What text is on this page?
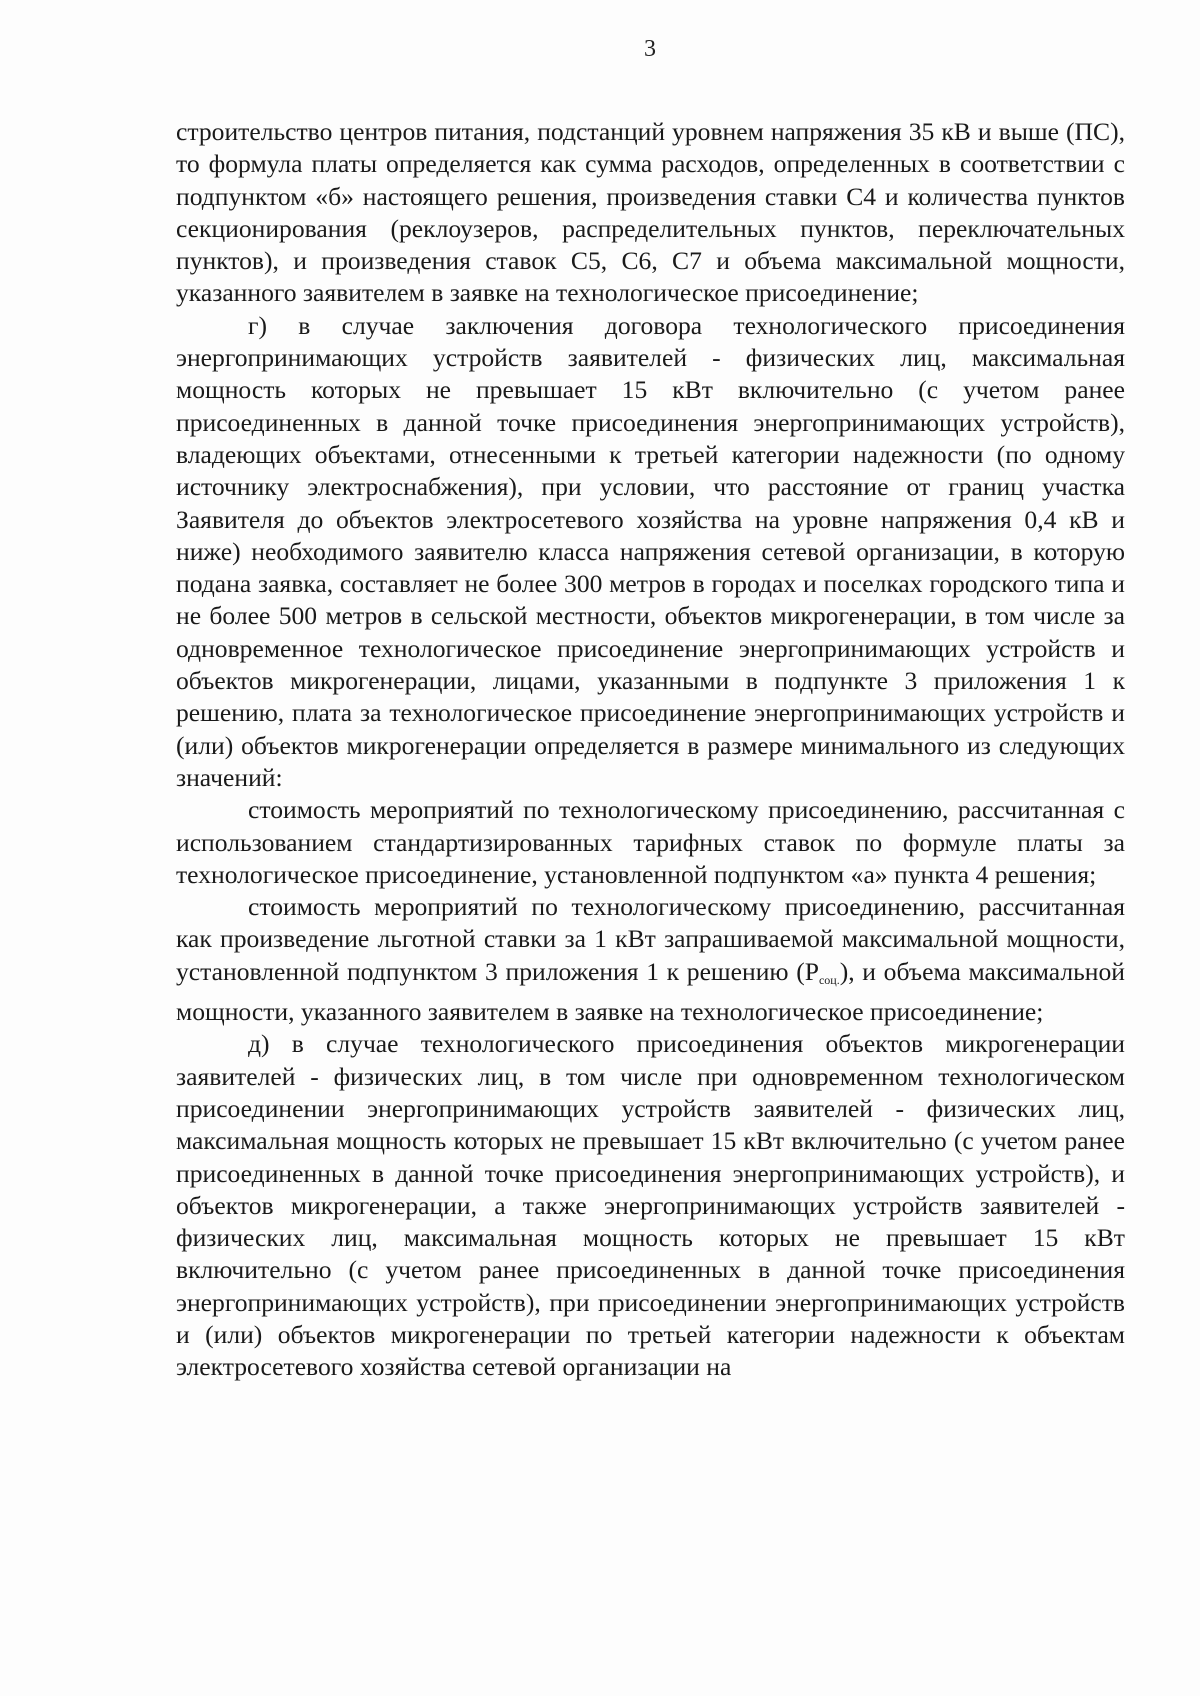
3

строительство центров питания, подстанций уровнем напряжения 35 кВ и выше (ПС), то формула платы определяется как сумма расходов, определенных в соответствии с подпунктом «б» настоящего решения, произведения ставки С4 и количества пунктов секционирования (реклоузеров, распределительных пунктов, переключательных пунктов), и произведения ставок С5, С6, С7 и объема максимальной мощности, указанного заявителем в заявке на технологическое присоединение;

г) в случае заключения договора технологического присоединения энергопринимающих устройств заявителей - физических лиц, максимальная мощность которых не превышает 15 кВт включительно (с учетом ранее присоединенных в данной точке присоединения энергопринимающих устройств), владеющих объектами, отнесенными к третьей категории надежности (по одному источнику электроснабжения), при условии, что расстояние от границ участка Заявителя до объектов электросетевого хозяйства на уровне напряжения 0,4 кВ и ниже) необходимого заявителю класса напряжения сетевой организации, в которую подана заявка, составляет не более 300 метров в городах и поселках городского типа и не более 500 метров в сельской местности, объектов микрогенерации, в том числе за одновременное технологическое присоединение энергопринимающих устройств и объектов микрогенерации, лицами, указанными в подпункте 3 приложения 1 к решению, плата за технологическое присоединение энергопринимающих устройств и (или) объектов микрогенерации определяется в размере минимального из следующих значений:

стоимость мероприятий по технологическому присоединению, рассчитанная с использованием стандартизированных тарифных ставок по формуле платы за технологическое присоединение, установленной подпунктом «а» пункта 4 решения;

стоимость мероприятий по технологическому присоединению, рассчитанная как произведение льготной ставки за 1 кВт запрашиваемой максимальной мощности, установленной подпунктом 3 приложения 1 к решению $(Р_{соц.})$, и объема максимальной мощности, указанного заявителем в заявке на технологическое присоединение;

д) в случае технологического присоединения объектов микрогенерации заявителей - физических лиц, в том числе при одновременном технологическом присоединении энергопринимающих устройств заявителей - физических лиц, максимальная мощность которых не превышает 15 кВт включительно (с учетом ранее присоединенных в данной точке присоединения энергопринимающих устройств), и объектов микрогенерации, а также энергопринимающих устройств заявителей - физических лиц, максимальная мощность которых не превышает 15 кВт включительно (с учетом ранее присоединенных в данной точке присоединения энергопринимающих устройств), при присоединении энергопринимающих устройств и (или) объектов микрогенерации по третьей категории надежности к объектам электросетевого хозяйства сетевой организации на
